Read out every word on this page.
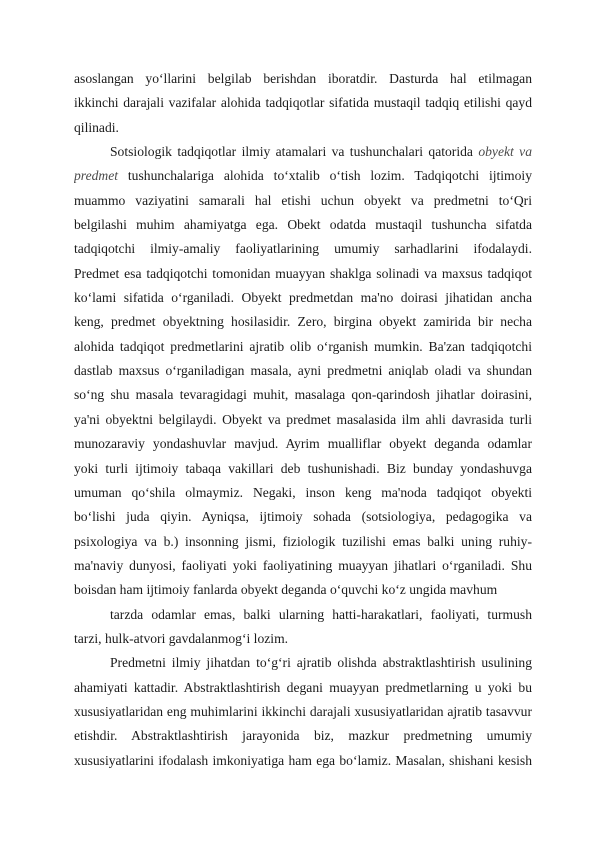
asoslangan yo‘llarini belgilab berishdan iboratdir. Dasturda hal etilmagan
ikkinchi darajali vazifalar alohida tadqiqotlar sifatida mustaqil tadqiq etilishi qayd
qilinadi.
Sotsiologik tadqiqotlar ilmiy atamalari va tushunchalari qatorida obyekt va
predmet tushunchalariga alohida to‘xtalib o‘tish lozim. Tadqiqotchi ijtimoiy
muammo vaziyatini samarali hal etishi uchun obyekt va predmetni to‘Qri
belgilashi muhim ahamiyatga ega. Obekt odatda mustaqil tushuncha sifatda
tadqiqotchi ilmiy-amaliy faoliyatlarining umumiy sarhadlarini ifodalaydi.
Predmet esa tadqiqotchi tomonidan muayyan shaklga solinadi va maxsus tadqiqot
ko‘lami sifatida o‘rganiladi. Obyekt predmetdan ma'no doirasi jihatidan ancha
keng, predmet obyektning hosilasidir. Zero, birgina obyekt zamirida bir necha
alohida tadqiqot predmetlarini ajratib olib o‘rganish mumkin. Ba'zan tadqiqotchi
dastlab maxsus o‘rganiladigan masala, ayni predmetni aniqlab oladi va shundan
so‘ng shu masala tevaragidagi muhit, masalaga qon-qarindosh jihatlar doirasini,
ya'ni obyektni belgilaydi. Obyekt va predmet masalasida ilm ahli davrasida turli
munozaraviy yondashuvlar mavjud. Ayrim mualliflar obyekt deganda odamlar
yoki turli ijtimoiy tabaqa vakillari deb tushunishadi. Biz bunday yondashuvga
umuman qo‘shila olmaymiz. Negaki, inson keng ma'noda tadqiqot obyekti
bo‘lishi juda qiyin. Ayniqsa, ijtimoiy sohada (sotsiologiya, pedagogika va
psixologiya va b.) insonning jismi, fiziologik tuzilishi emas balki uning ruhiy-
ma'naviy dunyosi, faoliyati yoki faoliyatining muayyan jihatlari o‘rganiladi. Shu
boisdan ham ijtimoiy fanlarda obyekt deganda o‘quvchi ko‘z ungida mavhum
tarzda odamlar emas, balki ularning hatti-harakatlari, faoliyati, turmush
tarzi, hulk-atvori gavdalanmog‘i lozim.
Predmetni ilmiy jihatdan to‘g‘ri ajratib olishda abstraktlashtirish usulining
ahamiyati kattadir. Abstraktlashtirish degani muayyan predmetlarning u yoki bu
xususiyatlaridan eng muhimlarini ikkinchi darajali xususiyatlaridan ajratib tasavvur
etishdir. Abstraktlashtirish jarayonida biz, mazkur predmetning umumiy
xususiyatlarini ifodalash imkoniyatiga ham ega bo‘lamiz. Masalan, shishani kesish
